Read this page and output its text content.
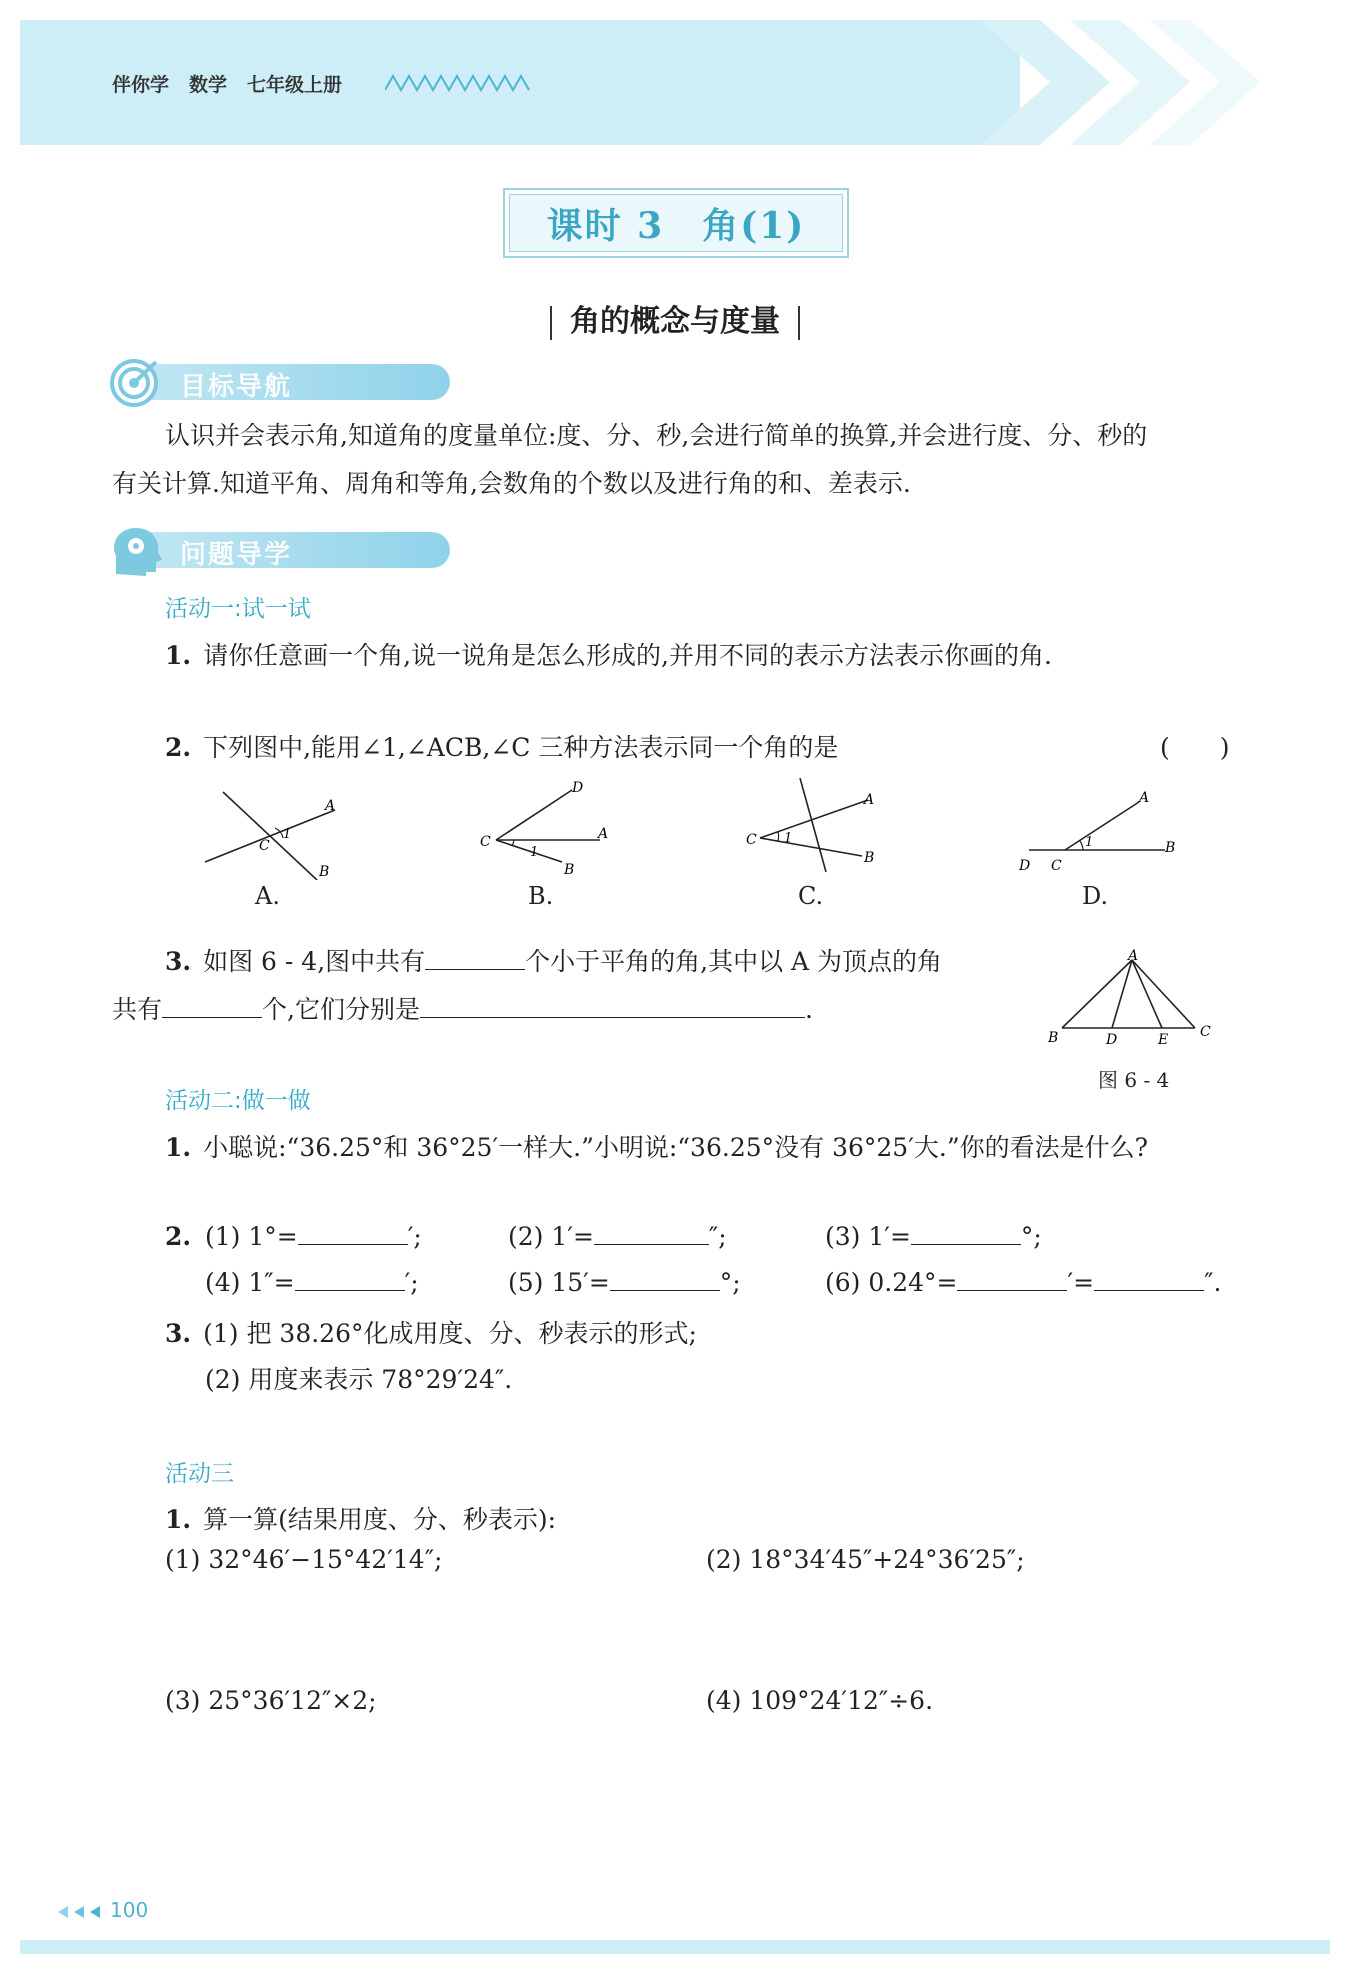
伴你学 数学 七年级上册
课时 3　角(1)
角的概念与度量
目标导航
认识并会表示角,知道角的度量单位:度、分、秒,会进行简单的换算,并会进行度、分、秒的
有关计算.知道平角、周角和等角,会数角的个数以及进行角的和、差表示.
问题导学
活动一:试一试
1. 请你任意画一个角,说一说角是怎么形成的,并用不同的表示方法表示你画的角.
2. 下列图中,能用∠1,∠ACB,∠C 三种方法表示同一个角的是	(　　)
A
B
C
1
A.
D
A
B
C
1
B.
A
B
C 1
C.
A
B
D C
1
D.
3. 如图 6 - 4,图中共有	个小于平角的角,其中以 A 为顶点的角
共有	个,它们分别是	.
A
B	D	E C
图 6 - 4
活动二:做一做
1. 小聪说:“36.25°和 36°25′一样大.”小明说:“36.25°没有 36°25′大.”你的看法是什么?
2. (1) 1°=	′;	(2) 1′=	″;	(3) 1′=	°;
(4) 1″=	′;	(5) 15′=	°;	(6) 0.24°=	′=	″.
3. (1) 把 38.26°化成用度、分、秒表示的形式;
(2) 用度来表示 78°29′24″.
活动三
1. 算一算(结果用度、分、秒表示):
(1) 32°46′−15°42′14″;	(2) 18°34′45″+24°36′25″;
(3) 25°36′12″×2;	(4) 109°24′12″÷6.
100
